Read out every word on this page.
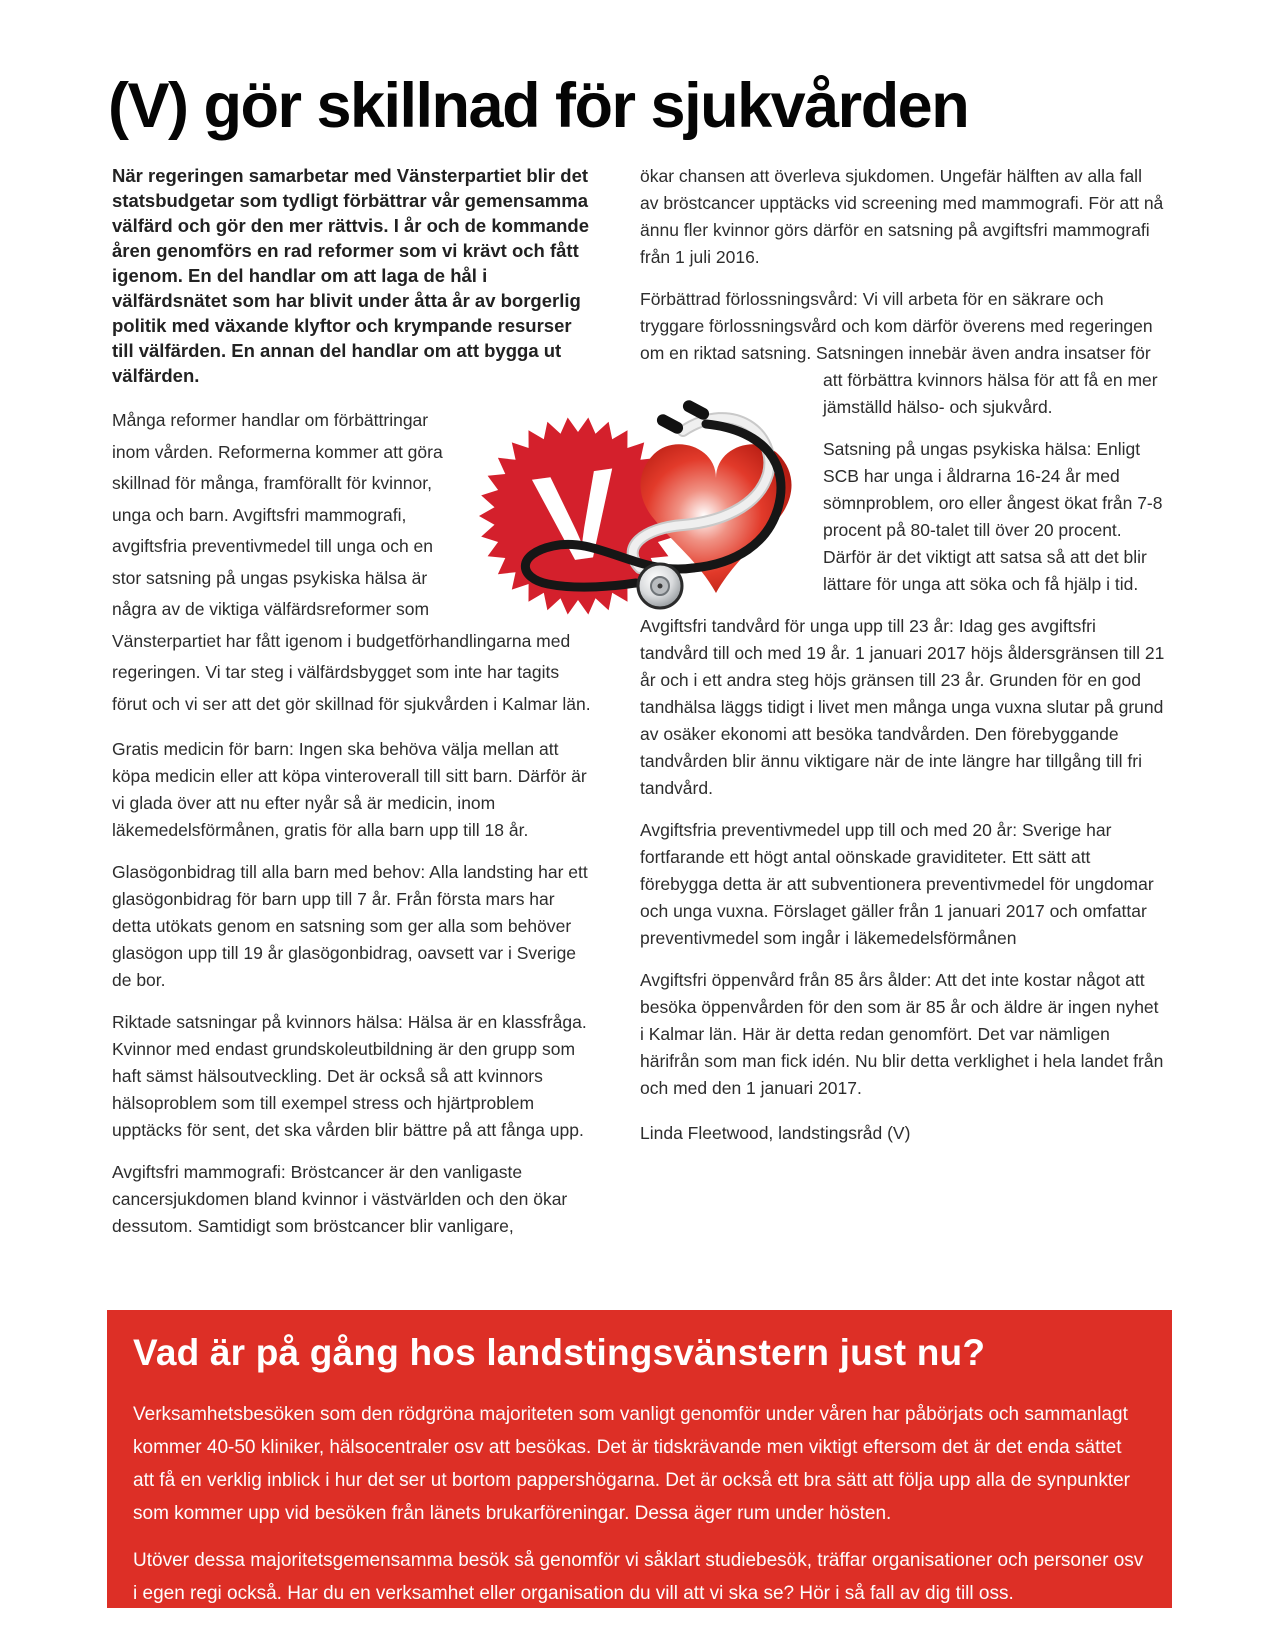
(V) gör skillnad för sjukvården

När regeringen samarbetar med Vänsterpartiet blir det statsbudgetar som tydligt förbättrar vår gemensamma välfärd och gör den mer rättvis. I år och de kommande åren genomförs en rad reformer som vi krävt och fått igenom. En del handlar om att laga de hål i välfärdsnätet som har blivit under åtta år av borgerlig politik med växande klyftor och krympande resurser till välfärden. En annan del handlar om att bygga ut välfärden.

Många reformer handlar om förbättringar inom vården. Reformerna kommer att göra skillnad för många, framförallt för kvinnor, unga och barn. Avgiftsfri mammografi, avgiftsfria preventivmedel till unga och en stor satsning på ungas psykiska hälsa är några av de viktiga välfärdsreformer som Vänsterpartiet har fått igenom i budgetförhandlingarna med regeringen. Vi tar steg i välfärdsbygget som inte har tagits förut och vi ser att det gör skillnad för sjukvården i Kalmar län.

Gratis medicin för barn: Ingen ska behöva välja mellan att köpa medicin eller att köpa vinteroverall till sitt barn. Därför är vi glada över att nu efter nyår så är medicin, inom läkemedelsförmånen, gratis för alla barn upp till 18 år.

Glasögonbidrag till alla barn med behov: Alla landsting har ett glasögonbidrag för barn upp till 7 år. Från första mars har detta utökats genom en satsning som ger alla som behöver glasögon upp till 19 år glasögonbidrag, oavsett var i Sverige de bor.

Riktade satsningar på kvinnors hälsa: Hälsa är en klassfråga. Kvinnor med endast grundskoleutbildning är den grupp som haft sämst hälsoutveckling. Det är också så att kvinnors hälsoproblem som till exempel stress och hjärtproblem upptäcks för sent, det ska vården blir bättre på att fånga upp.

Avgiftsfri mammografi: Bröstcancer är den vanligaste cancersjukdomen bland kvinnor i västvärlden och den ökar dessutom. Samtidigt som bröstcancer blir vanligare,

ökar chansen att överleva sjukdomen. Ungefär hälften av alla fall av bröstcancer upptäcks vid screening med mammografi. För att nå ännu fler kvinnor görs därför en satsning på avgiftsfri mammografi från 1 juli 2016.

Förbättrad förlossningsvård: Vi vill arbeta för en säkrare och tryggare förlossningsvård och kom därför överens med regeringen om en riktad satsning. Satsningen innebär även andra insatser för att förbättra kvinnors hälsa för att få en mer jämställd hälso- och sjukvård.

Satsning på ungas psykiska hälsa: Enligt SCB har unga i åldrarna 16-24 år med sömnproblem, oro eller ångest ökat från 7-8 procent på 80-talet till över 20 procent. Därför är det viktigt att satsa så att det blir lättare för unga att söka och få hjälp i tid.

Avgiftsfri tandvård för unga upp till 23 år: Idag ges avgiftsfri tandvård till och med 19 år. 1 januari 2017 höjs åldersgränsen till 21 år och i ett andra steg höjs gränsen till 23 år. Grunden för en god tandhälsa läggs tidigt i livet men många unga vuxna slutar på grund av osäker ekonomi att besöka tandvården. Den förebyggande tandvården blir ännu viktigare när de inte längre har tillgång till fri tandvård.

Avgiftsfria preventivmedel upp till och med 20 år: Sverige har fortfarande ett högt antal oönskade graviditeter. Ett sätt att förebygga detta är att subventionera preventivmedel för ungdomar och unga vuxna. Förslaget gäller från 1 januari 2017 och omfattar preventivmedel som ingår i läkemedelsförmånen

Avgiftsfri öppenvård från 85 års ålder: Att det inte kostar något att besöka öppenvården för den som är 85 år och äldre är ingen nyhet i Kalmar län. Här är detta redan genomfört. Det var nämligen härifrån som man fick idén. Nu blir detta verklighet i hela landet från och med den 1 januari 2017.

Linda Fleetwood, landstingsråd (V)

V
Vad är på gång hos landstingsvänstern just nu?

Verksamhetsbesöken som den rödgröna majoriteten som vanligt genomför under våren har påbörjats och sammanlagt kommer 40-50 kliniker, hälsocentraler osv att besökas. Det är tidskrävande men viktigt eftersom det är det enda sättet att få en verklig inblick i hur det ser ut bortom pappershögarna. Det är också ett bra sätt att följa upp alla de synpunkter som kommer upp vid besöken från länets brukarföreningar. Dessa äger rum under hösten.

Utöver dessa majoritetsgemensamma besök så genomför vi såklart studiebesök, träffar organisationer och personer osv i egen regi också. Har du en verksamhet eller organisation du vill att vi ska se? Hör i så fall av dig till oss.
